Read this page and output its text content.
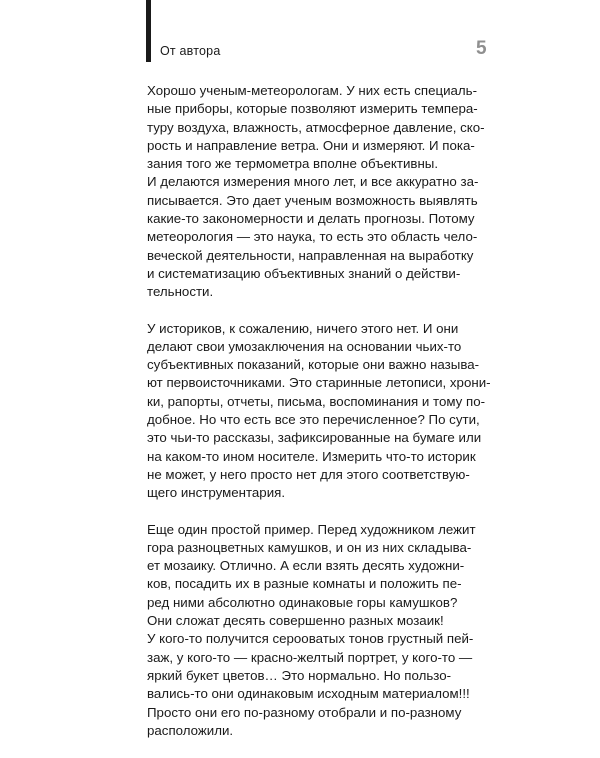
От автора	5
Хорошо ученым-метеорологам. У них есть специаль-
ные приборы, которые позволяют измерить темпера-
туру воздуха, влажность, атмосферное давление, ско-
рость и направление ветра. Они и измеряют. И пока-
зания того же термометра вполне объективны.
И делаются измерения много лет, и все аккуратно за-
писывается. Это дает ученым возможность выявлять
какие-то закономерности и делать прогнозы. Потому
метеорология — это наука, то есть это область чело-
веческой деятельности, направленная на выработку
и систематизацию объективных знаний о действи-
тельности.
У историков, к сожалению, ничего этого нет. И они
делают свои умозаключения на основании чьих-то
субъективных показаний, которые они важно называ-
ют первоисточниками. Это старинные летописи, хрони-
ки, рапорты, отчеты, письма, воспоминания и тому по-
добное. Но что есть все это перечисленное? По сути,
это чьи-то рассказы, зафиксированные на бумаге или
на каком-то ином носителе. Измерить что-то историк
не может, у него просто нет для этого соответствую-
щего инструментария.
Еще один простой пример. Перед художником лежит
гора разноцветных камушков, и он из них складыва-
ет мозаику. Отлично. А если взять десять художни-
ков, посадить их в разные комнаты и положить пе-
ред ними абсолютно одинаковые горы камушков?
Они сложат десять совершенно разных мозаик!
У кого-то получится серооватых тонов грустный пей-
заж, у кого-то — красно-желтый портрет, у кого-то —
яркий букет цветов… Это нормально. Но пользо-
вались-то они одинаковым исходным материалом!!!
Просто они его по-разному отобрали и по-разному
расположили.
